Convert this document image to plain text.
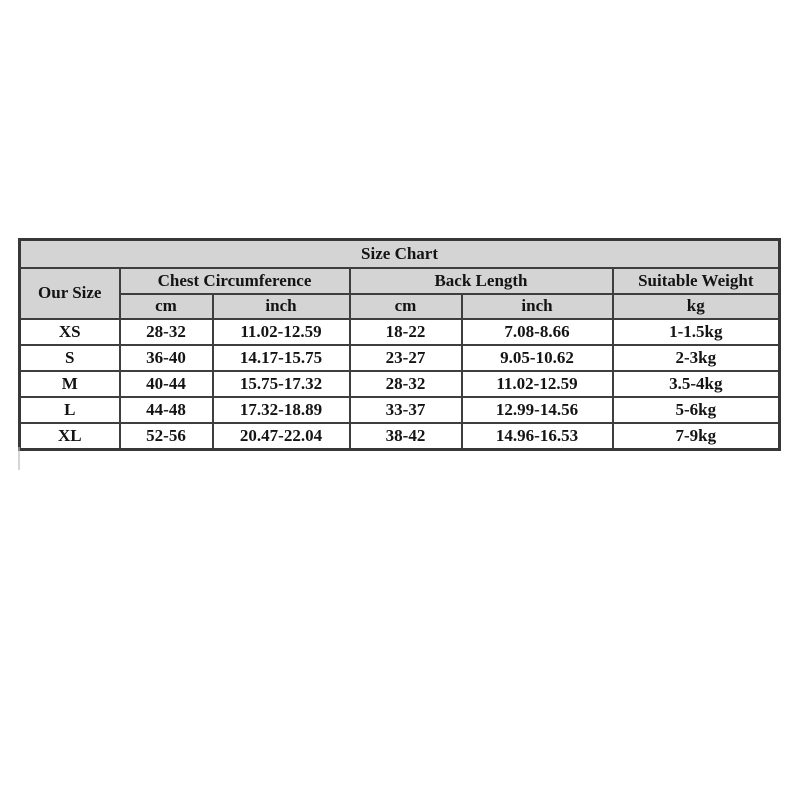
Size Chart					
Our Size	Chest Circumference		Back Length		Suitable Weight
	cm	inch	cm	inch	kg
XS	28-32	11.02-12.59	18-22	7.08-8.66	1-1.5kg
S	36-40	14.17-15.75	23-27	9.05-10.62	2-3kg
M	40-44	15.75-17.32	28-32	11.02-12.59	3.5-4kg
L	44-48	17.32-18.89	33-37	12.99-14.56	5-6kg
XL	52-56	20.47-22.04	38-42	14.96-16.53	7-9kg
